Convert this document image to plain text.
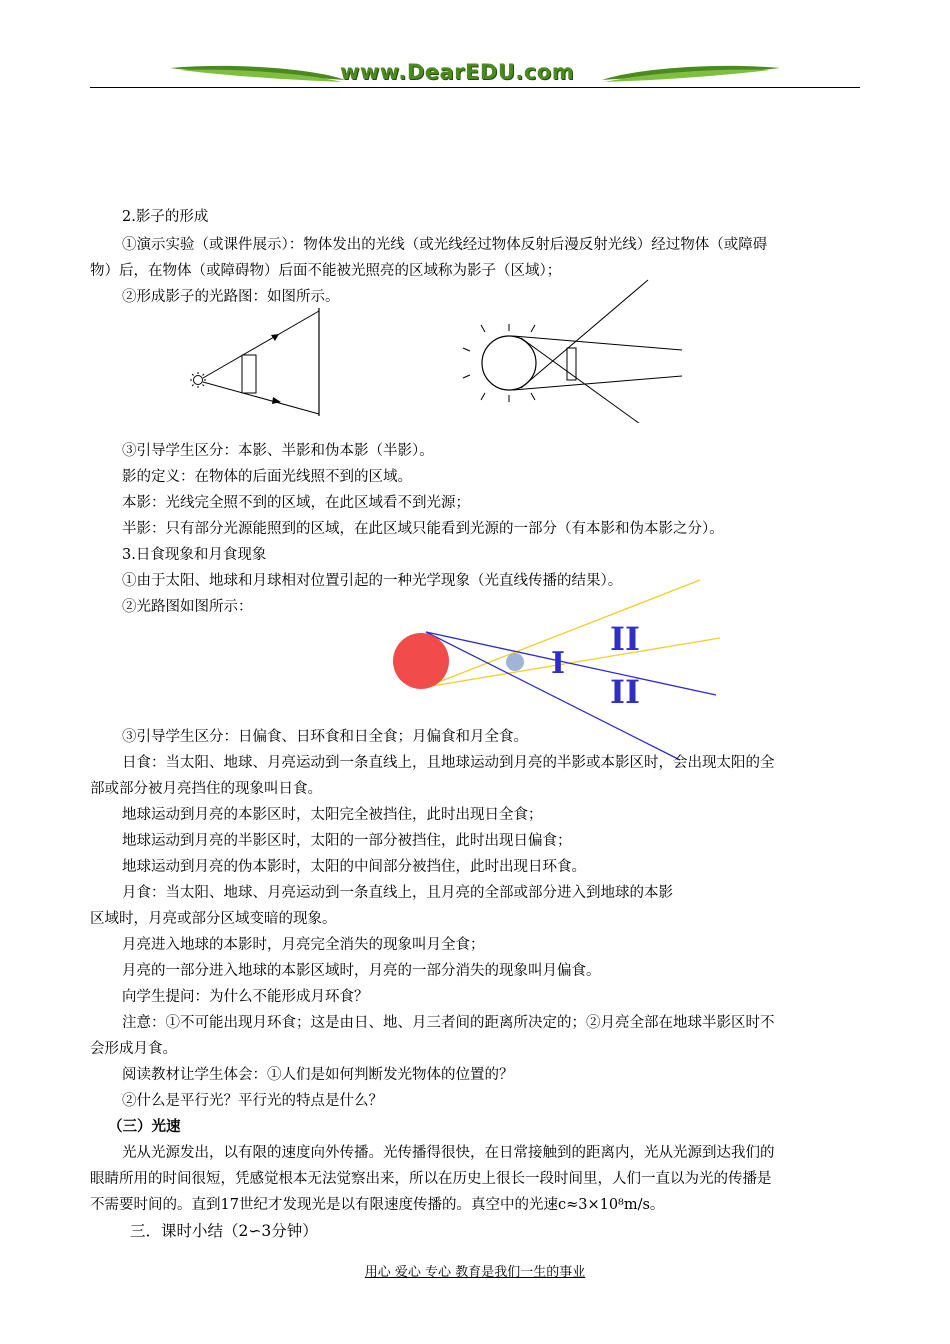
www.DearEDU.com
2.影子的形成
①演示实验（或课件展示）：物体发出的光线（或光线经过物体反射后漫反射光线）经过物体（或障碍
物）后，在物体（或障碍物）后面不能被光照亮的区域称为影子（区域）；
②形成影子的光路图：如图所示。
③引导学生区分：本影、半影和伪本影（半影）。
影的定义：在物体的后面光线照不到的区域。
本影：光线完全照不到的区域，在此区域看不到光源；
半影：只有部分光源能照到的区域，在此区域只能看到光源的一部分（有本影和伪本影之分）。
3.日食现象和月食现象
①由于太阳、地球和月球相对位置引起的一种光学现象（光直线传播的结果）。
②光路图如图所示：
I
II
II
③引导学生区分：日偏食、日环食和日全食；月偏食和月全食。
日食：当太阳、地球、月亮运动到一条直线上，且地球运动到月亮的半影或本影区时，会出现太阳的全
部或部分被月亮挡住的现象叫日食。
地球运动到月亮的本影区时，太阳完全被挡住，此时出现日全食；
地球运动到月亮的半影区时，太阳的一部分被挡住，此时出现日偏食；
地球运动到月亮的伪本影时，太阳的中间部分被挡住，此时出现日环食。
月食：当太阳、地球、月亮运动到一条直线上，且月亮的全部或部分进入到地球的本影
区域时，月亮或部分区域变暗的现象。
月亮进入地球的本影时，月亮完全消失的现象叫月全食；
月亮的一部分进入地球的本影区域时，月亮的一部分消失的现象叫月偏食。
向学生提问：为什么不能形成月环食？
注意：①不可能出现月环食；这是由日、地、月三者间的距离所决定的；②月亮全部在地球半影区时不
会形成月食。
阅读教材让学生体会：①人们是如何判断发光物体的位置的？
②什么是平行光？平行光的特点是什么？
（三）光速
光从光源发出，以有限的速度向外传播。光传播得很快，在日常接触到的距离内，光从光源到达我们的
眼睛所用的时间很短，凭感觉根本无法觉察出来，所以在历史上很长一段时间里，人们一直以为光的传播是
不需要时间的。直到17世纪才发现光是以有限速度传播的。真空中的光速c≈3×10⁸m/s。
三．课时小结（2∽3分钟）
用心 爱心 专心 教育是我们一生的事业
